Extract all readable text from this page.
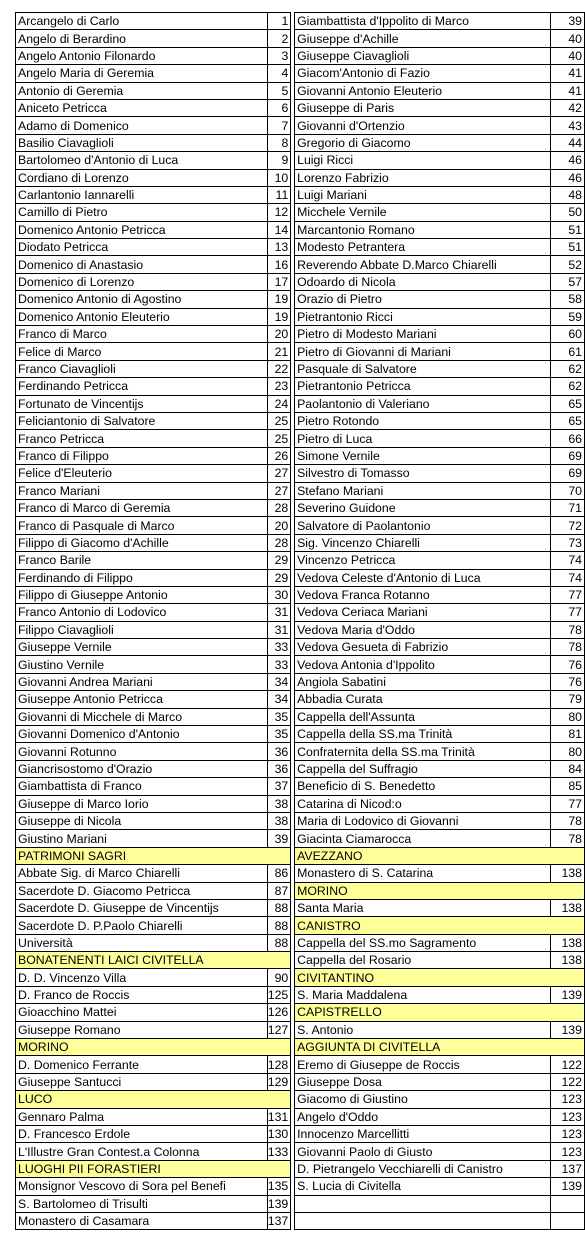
Arcangelo di Carlo	1
Angelo di Berardino	2
Angelo Antonio Filonardo	3
Angelo Maria di Geremia	4
Antonio di Geremia	5
Aniceto Petricca	6
Adamo di Domenico	7
Basilio Ciavaglioli	8
Bartolomeo d'Antonio di Luca	9
Cordiano di Lorenzo	10
Carlantonio Iannarelli	11
Camillo di Pietro	12
Domenico Antonio Petricca	14
Diodato Petricca	13
Domenico di Anastasio	16
Domenico di Lorenzo	17
Domenico Antonio di Agostino	19
Domenico Antonio Eleuterio	19
Franco di Marco	20
Felice di Marco	21
Franco Ciavaglioli	22
Ferdinando Petricca	23
Fortunato de Vincentijs	24
Feliciantonio di Salvatore	25
Franco Petricca	25
Franco di Filippo	26
Felice d'Eleuterio	27
Franco Mariani	27
Franco di Marco di Geremia	28
Franco di Pasquale di Marco	20
Filippo di Giacomo d'Achille	28
Franco Barile	29
Ferdinando di Filippo	29
Filippo di Giuseppe Antonio	30
Franco Antonio di Lodovico	31
Filippo Ciavaglioli	31
Giuseppe Vernile	33
Giustino Vernile	33
Giovanni Andrea Mariani	34
Giuseppe Antonio Petricca	34
Giovanni di Micchele di Marco	35
Giovanni Domenico d'Antonio	35
Giovanni Rotunno	36
Giancrisostomo d'Orazio	36
Giambattista di Franco	37
Giuseppe di Marco Iorio	38
Giuseppe di Nicola	38
Giustino Mariani	39
PATRIMONI SAGRI	
Abbate Sig. di Marco Chiarelli	86
Sacerdote D. Giacomo Petricca	87
Sacerdote D. Giuseppe de Vincentijs	88
Sacerdote D. P.Paolo Chiarelli	88
Università	88
BONATENENTI LAICI CIVITELLA	
D. D. Vincenzo Villa	90
D. Franco de Roccis	125
Gioacchino Mattei	126
Giuseppe Romano	127
MORINO	
D. Domenico Ferrante	128
Giuseppe Santucci	129
LUCO	
Gennaro Palma	131
D. Francesco Erdole	130
L'Illustre Gran Contest.a Colonna	133
LUOGHI PII FORASTIERI	
Monsignor Vescovo di Sora pel Benefi	135
S. Bartolomeo di Trisulti	139
Monastero di Casamara	137
Giambattista d'Ippolito di Marco	39
Giuseppe d'Achille	40
Giuseppe Ciavaglioli	40
Giacom'Antonio di Fazio	41
Giovanni Antonio Eleuterio	41
Giuseppe di Paris	42
Giovanni d'Ortenzio	43
Gregorio di Giacomo	44
Luigi Ricci	46
Lorenzo Fabrizio	46
Luigi Mariani	48
Micchele Vernile	50
Marcantonio Romano	51
Modesto Petrantera	51
Reverendo Abbate D.Marco Chiarelli	52
Odoardo di Nicola	57
Orazio di Pietro	58
Pietrantonio Ricci	59
Pietro di Modesto Mariani	60
Pietro di Giovanni di Mariani	61
Pasquale di Salvatore	62
Pietrantonio Petricca	62
Paolantonio di Valeriano	65
Pietro Rotondo	65
Pietro di Luca	66
Simone Vernile	69
Silvestro di Tomasso	69
Stefano Mariani	70
Severino Guidone	71
Salvatore di Paolantonio	72
Sig. Vincenzo Chiarelli	73
Vincenzo Petricca	74
Vedova Celeste d'Antonio di Luca	74
Vedova Franca Rotanno	77
Vedova Ceriaca Mariani	77
Vedova Maria d'Oddo	78
Vedova Gesueta di Fabrizio	78
Vedova Antonia d'Ippolito	76
Angiola Sabatini	76
Abbadia Curata	79
Cappella dell'Assunta	80
Cappella della SS.ma Trinità	81
Confraternita della SS.ma Trinità	80
Cappella del Suffragio	84
Beneficio di S. Benedetto	85
Catarina di Nicod:o	77
Maria di Lodovico di Giovanni	78
Giacinta Ciamarocca	78
AVEZZANO	
Monastero di S. Catarina	138
MORINO	
Santa Maria	138
CANISTRO	
Cappella del SS.mo Sagramento	138
Cappella del Rosario	138
CIVITANTINO	
S. Maria Maddalena	139
CAPISTRELLO	
S. Antonio	139
AGGIUNTA DI CIVITELLA	
Eremo di Giuseppe de Roccis	122
Giuseppe Dosa	122
Giacomo di Giustino	123
Angelo d'Oddo	123
Innocenzo Marcellitti	123
Giovanni Paolo di Giusto	123
D. Pietrangelo Vecchiarelli di Canistro	137
S. Lucia di Civitella	139
